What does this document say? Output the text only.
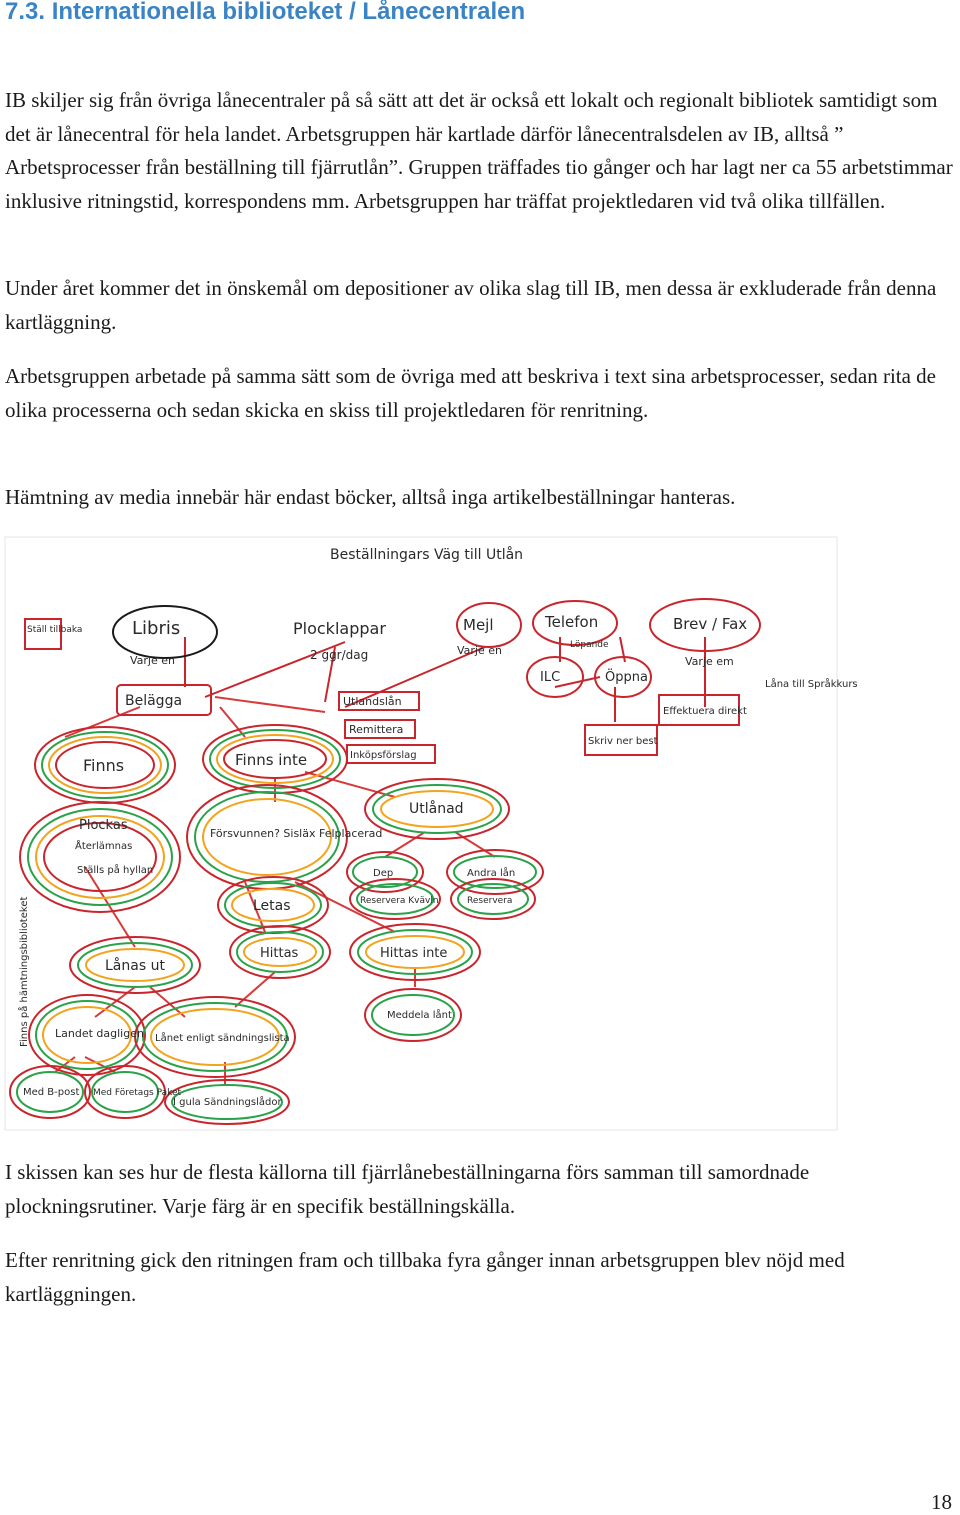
7.3. Internationella biblioteket / Lånecentralen

IB skiljer sig från övriga lånecentraler på så sätt att det är också ett lokalt och regionalt bibliotek samtidigt som det är lånecentral för hela landet. Arbetsgruppen här kartlade därför lånecentralsdelen av IB, alltså ” Arbetsprocesser från beställning till fjärrutlån”. Gruppen träffades tio gånger och har lagt ner ca 55 arbetstimmar inklusive ritningstid, korrespondens mm. Arbetsgruppen har träffat projektledaren vid två olika tillfällen.

Under året kommer det in önskemål om depositioner av olika slag till IB, men dessa är exkluderade från denna kartläggning.

Arbetsgruppen arbetade på samma sätt som de övriga med att beskriva i text sina arbetsprocesser, sedan rita de olika processerna och sedan skicka en skiss till projektledaren för renritning.

Hämtning av media innebär här endast böcker, alltså inga artikelbeställningar hanteras.

Beställningars Väg till Utlån
Ställ tillbaka
Finns på hämtningsbiblioteket
Libris
Varje en
Plocklappar
2 ggr/dag
Mejl
Varje en
Telefon
Löpande
Brev / Fax
Varje em
Belägga
ILC	Öppna	Låna till Språkkurs
Utlandslån
Remittera
Inköpsförslag
Effektuera direkt
Skriv ner best
Finns	Finns inte
Plockas
Återlämnas
Ställs på hyllan
Försvunnen? Sisläx Felplacerad
Utlånad
Dep	Andra lån
Reservera Kvävln	Reservera
Letas
Lånas ut
Hittas	Hittas inte
Meddela lånt
Landet dagligen Lånet enligt sändningslista
Med B-post Med Företags Paket
I gula Sändningslådor

I skissen kan ses hur de flesta källorna till fjärrlånebeställningarna förs samman till samordnade plockningsrutiner. Varje färg är en specifik beställningskälla.

Efter renritning gick den ritningen fram och tillbaka fyra gånger innan arbetsgruppen blev nöjd med kartläggningen.

18
